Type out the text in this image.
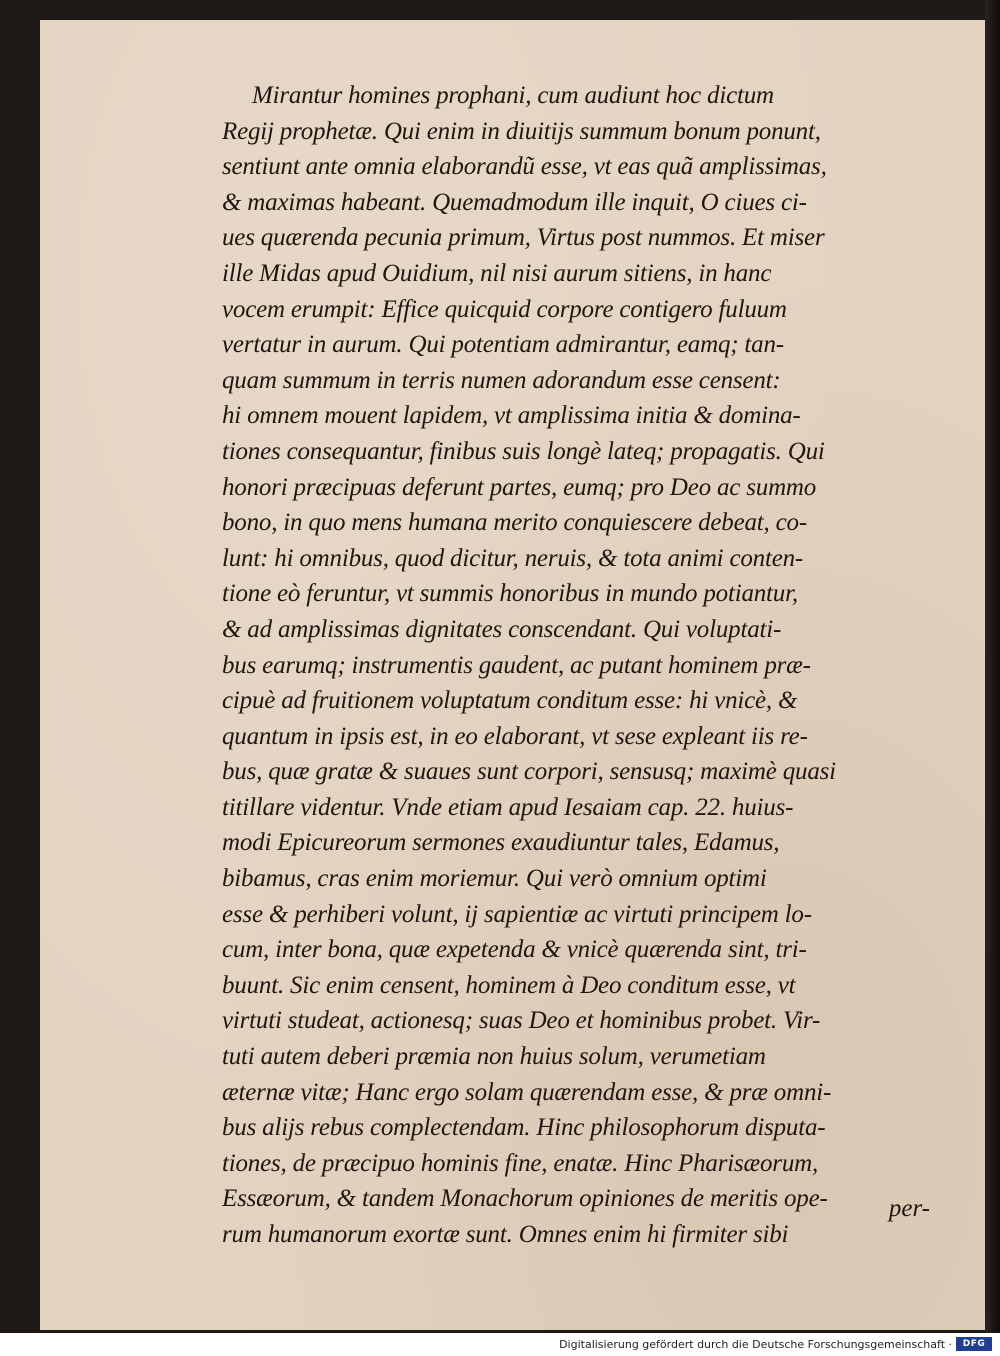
Mirantur homines prophani, cum audiunt hoc dictum
Regij prophetæ. Qui enim in diuitijs summum bonum ponunt,
sentiunt ante omnia elaborandũ esse, vt eas quã amplissimas,
& maximas habeant. Quemadmodum ille inquit, O ciues ci-
ues quærenda pecunia primum, Virtus post nummos. Et miser
ille Midas apud Ouidium, nil nisi aurum sitiens, in hanc
vocem erumpit: Effice quicquid corpore contigero fuluum
vertatur in aurum. Qui potentiam admirantur, eamq; tan-
quam summum in terris numen adorandum esse censent:
hi omnem mouent lapidem, vt amplissima initia & domina-
tiones consequantur, finibus suis longè lateq; propagatis. Qui
honori præcipuas deferunt partes, eumq; pro Deo ac summo
bono, in quo mens humana merito conquiescere debeat, co-
lunt: hi omnibus, quod dicitur, neruis, & tota animi conten-
tione eò feruntur, vt summis honoribus in mundo potiantur,
& ad amplissimas dignitates conscendant. Qui voluptati-
bus earumq; instrumentis gaudent, ac putant hominem præ-
cipuè ad fruitionem voluptatum conditum esse: hi vnicè, &
quantum in ipsis est, in eo elaborant, vt sese expleant iis re-
bus, quæ gratæ & suaues sunt corpori, sensusq; maximè quasi
titillare videntur. Vnde etiam apud Iesaiam cap. 22. huius-
modi Epicureorum sermones exaudiuntur tales, Edamus,
bibamus, cras enim moriemur. Qui verò omnium optimi
esse & perhiberi volunt, ij sapientiæ ac virtuti principem lo-
cum, inter bona, quæ expetenda & vnicè quærenda sint, tri-
buunt. Sic enim censent, hominem à Deo conditum esse, vt
virtuti studeat, actionesq; suas Deo et hominibus probet. Vir-
tuti autem deberi præmia non huius solum, verumetiam
æternæ vitæ; Hanc ergo solam quærendam esse, & præ omni-
bus alijs rebus complectendam. Hinc philosophorum disputa-
tiones, de præcipuo hominis fine, enatæ. Hinc Pharisæorum,
Essæorum, & tandem Monachorum opiniones de meritis ope-
rum humanorum exortæ sunt. Omnes enim hi firmiter sibi
per-
Digitalisierung gefördert durch die Deutsche Forschungsgemeinschaft ·	DFG
